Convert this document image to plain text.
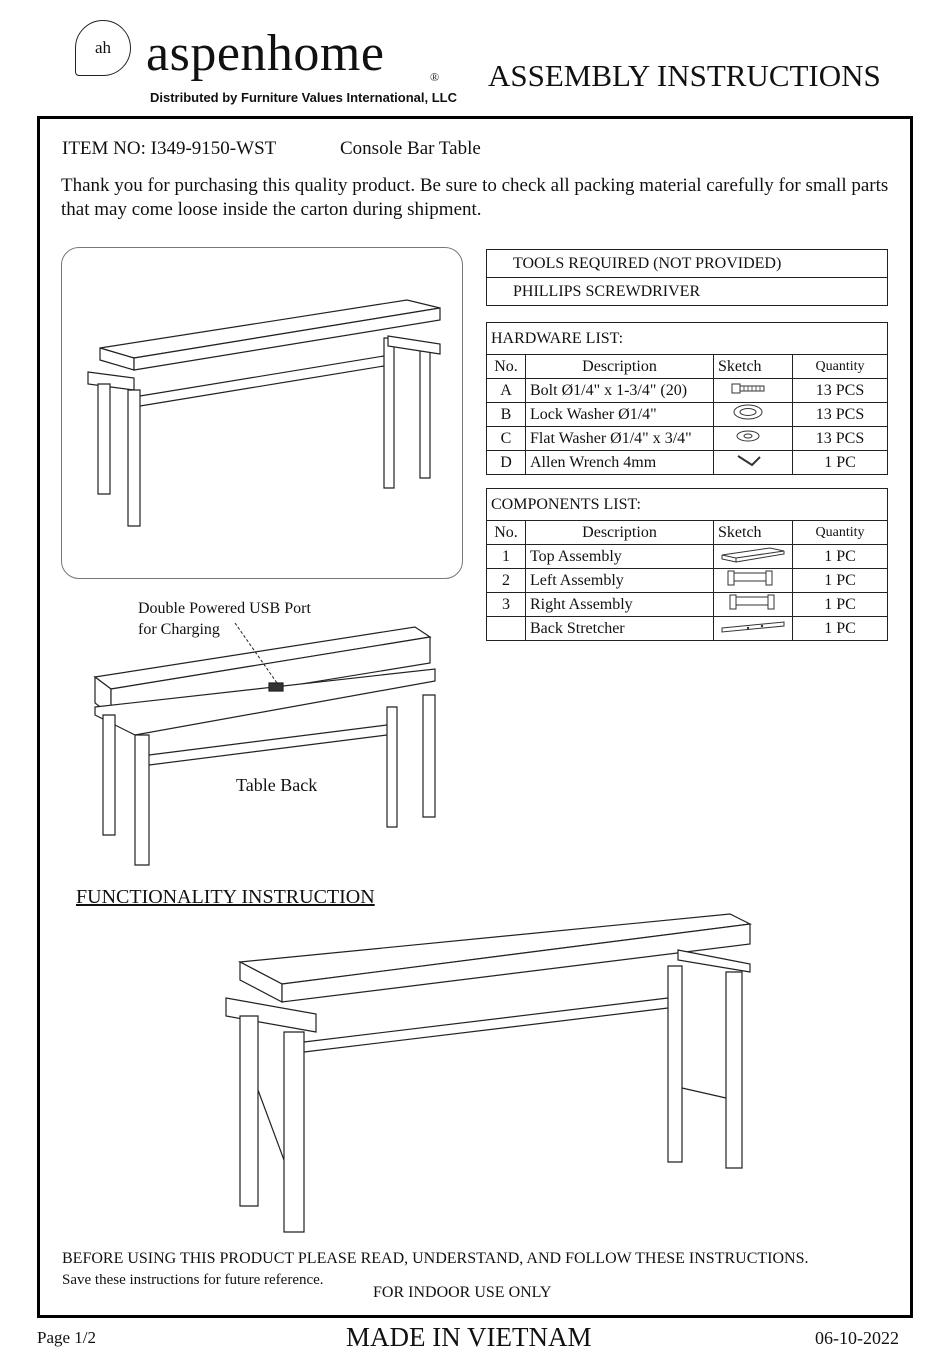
ah aspenhome	®
Distributed by Furniture Values International, LLC
ASSEMBLY INSTRUCTIONS
ITEM NO: I349-9150-WST	Console Bar Table
Thank you for purchasing this quality product. Be sure to check all packing material carefully for small parts that may come loose inside the carton during shipment.
TOOLS REQUIRED (NOT PROVIDED)
PHILLIPS SCREWDRIVER
HARDWARE LIST:			
No.	Description	Sketch	Quantity
A	Bolt Ø1/4" x 1-3/4" (20)		13 PCS
B	Lock Washer Ø1/4"		13 PCS
C	Flat Washer Ø1/4" x 3/4"		13 PCS
D	Allen Wrench 4mm		1 PC
COMPONENTS LIST:			
No.	Description	Sketch	Quantity
1	Top Assembly		1 PC
2	Left Assembly		1 PC
3	Right Assembly		1 PC
	Back Stretcher		1 PC
Double Powered USB Port
for Charging
Table Back
FUNCTIONALITY INSTRUCTION
BEFORE USING THIS PRODUCT PLEASE READ, UNDERSTAND, AND FOLLOW THESE INSTRUCTIONS.
Save these instructions for future reference.
FOR INDOOR USE ONLY
Page 1/2	MADE IN VIETNAM	06-10-2022
